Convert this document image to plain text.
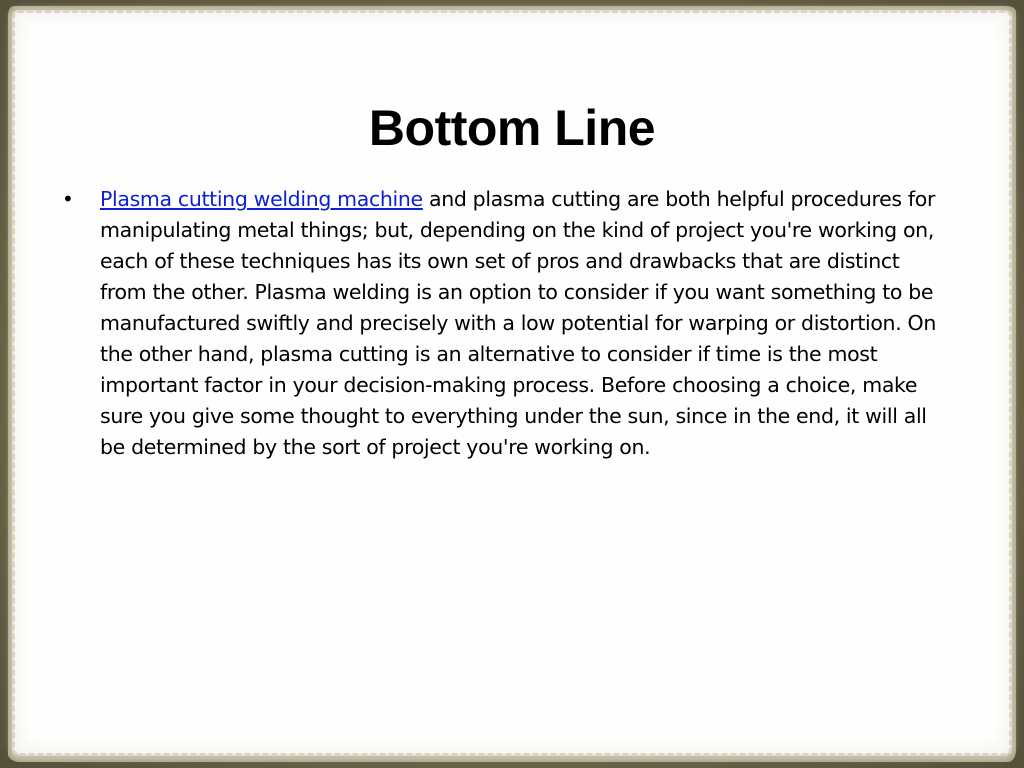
Bottom Line
• Plasma cutting welding machine and plasma cutting are both helpful procedures for manipulating metal things; but, depending on the kind of project you're working on, each of these techniques has its own set of pros and drawbacks that are distinct from the other. Plasma welding is an option to consider if you want something to be manufactured swiftly and precisely with a low potential for warping or distortion. On the other hand, plasma cutting is an alternative to consider if time is the most important factor in your decision-making process. Before choosing a choice, make sure you give some thought to everything under the sun, since in the end, it will all be determined by the sort of project you're working on.
